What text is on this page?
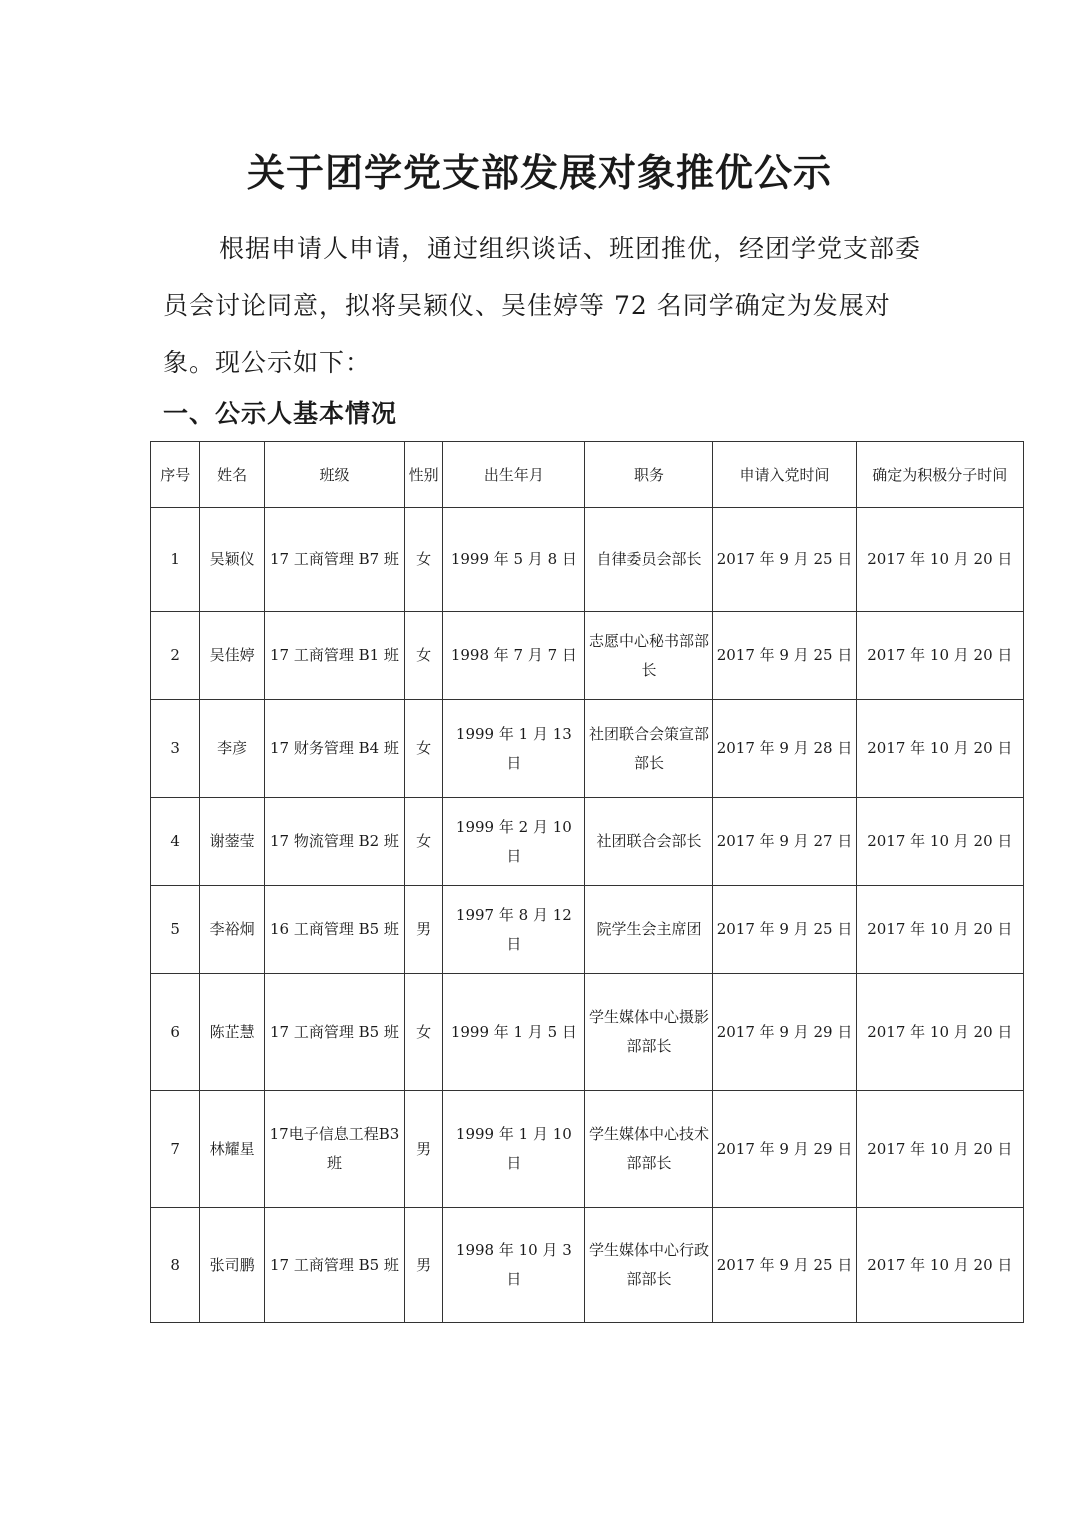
关于团学党支部发展对象推优公示

根据申请人申请，通过组织谈话、班团推优，经团学党支部委员会讨论同意，拟将吴颖仪、吴佳婷等 72 名同学确定为发展对象。现公示如下：

一、公示人基本情况
序号	姓名	班级	性别	出生年月	职务	申请入党时间	确定为积极分子时间
1	吴颖仪	17 工商管理 B7 班	女	1999 年 5 月 8 日	自律委员会部长	2017 年 9 月 25 日	2017 年 10 月 20 日
2	吴佳婷	17 工商管理 B1 班	女	1998 年 7 月 7 日	志愿中心秘书部部长	2017 年 9 月 25 日	2017 年 10 月 20 日
3	李彦	17 财务管理 B4 班	女	1999 年 1 月 13 日	社团联合会策宣部部长	2017 年 9 月 28 日	2017 年 10 月 20 日
4	谢蓥莹	17 物流管理 B2 班	女	1999 年 2 月 10 日	社团联合会部长	2017 年 9 月 27 日	2017 年 10 月 20 日
5	李裕炯	16 工商管理 B5 班	男	1997 年 8 月 12 日	院学生会主席团	2017 年 9 月 25 日	2017 年 10 月 20 日
6	陈芷慧	17 工商管理 B5 班	女	1999 年 1 月 5 日	学生媒体中心摄影部部长	2017 年 9 月 29 日	2017 年 10 月 20 日
7	林耀星	17电子信息工程B3班	男	1999 年 1 月 10 日	学生媒体中心技术部部长	2017 年 9 月 29 日	2017 年 10 月 20 日
8	张司鹏	17 工商管理 B5 班	男	1998 年 10 月 3 日	学生媒体中心行政部部长	2017 年 9 月 25 日	2017 年 10 月 20 日
